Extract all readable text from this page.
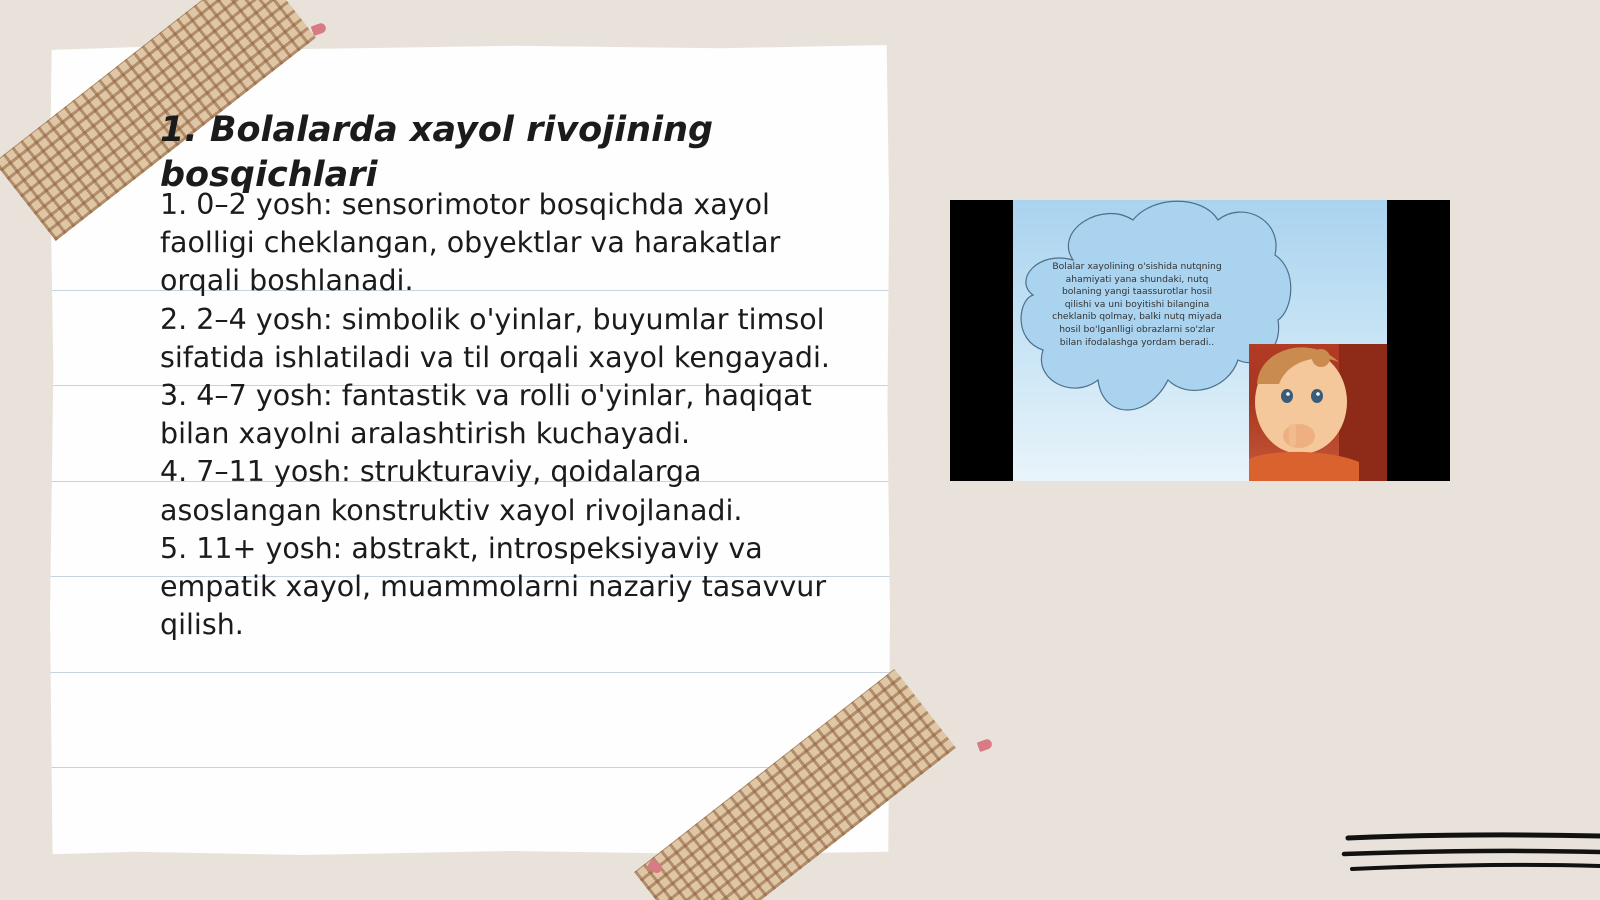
1. Bolalarda xayol rivojining bosqichlari
1. 0–2 yosh: sensorimotor bosqichda xayol faolligi cheklangan, obyektlar va harakatlar orqali boshlanadi.
2. 2–4 yosh: simbolik o'yinlar, buyumlar timsol sifatida ishlatiladi va til orqali xayol kengayadi.
3. 4–7 yosh: fantastik va rolli o'yinlar, haqiqat bilan xayolni aralashtirish kuchayadi.
4. 7–11 yosh: strukturaviy, qoidalarga asoslangan konstruktiv xayol rivojlanadi.
5. 11+ yosh: abstrakt, introspeksiyaviy va empatik xayol, muammolarni nazariy tasavvur qilish.
Bolalar xayolining o'sishida nutqning ahamiyati yana shundaki, nutq bolaning yangi taassurotlar hosil qilishi va uni boyitishi bilangina cheklanib qolmay, balki nutq miyada hosil bo'lganlligi obrazlarni so'zlar bilan ifodalashga yordam beradi..
